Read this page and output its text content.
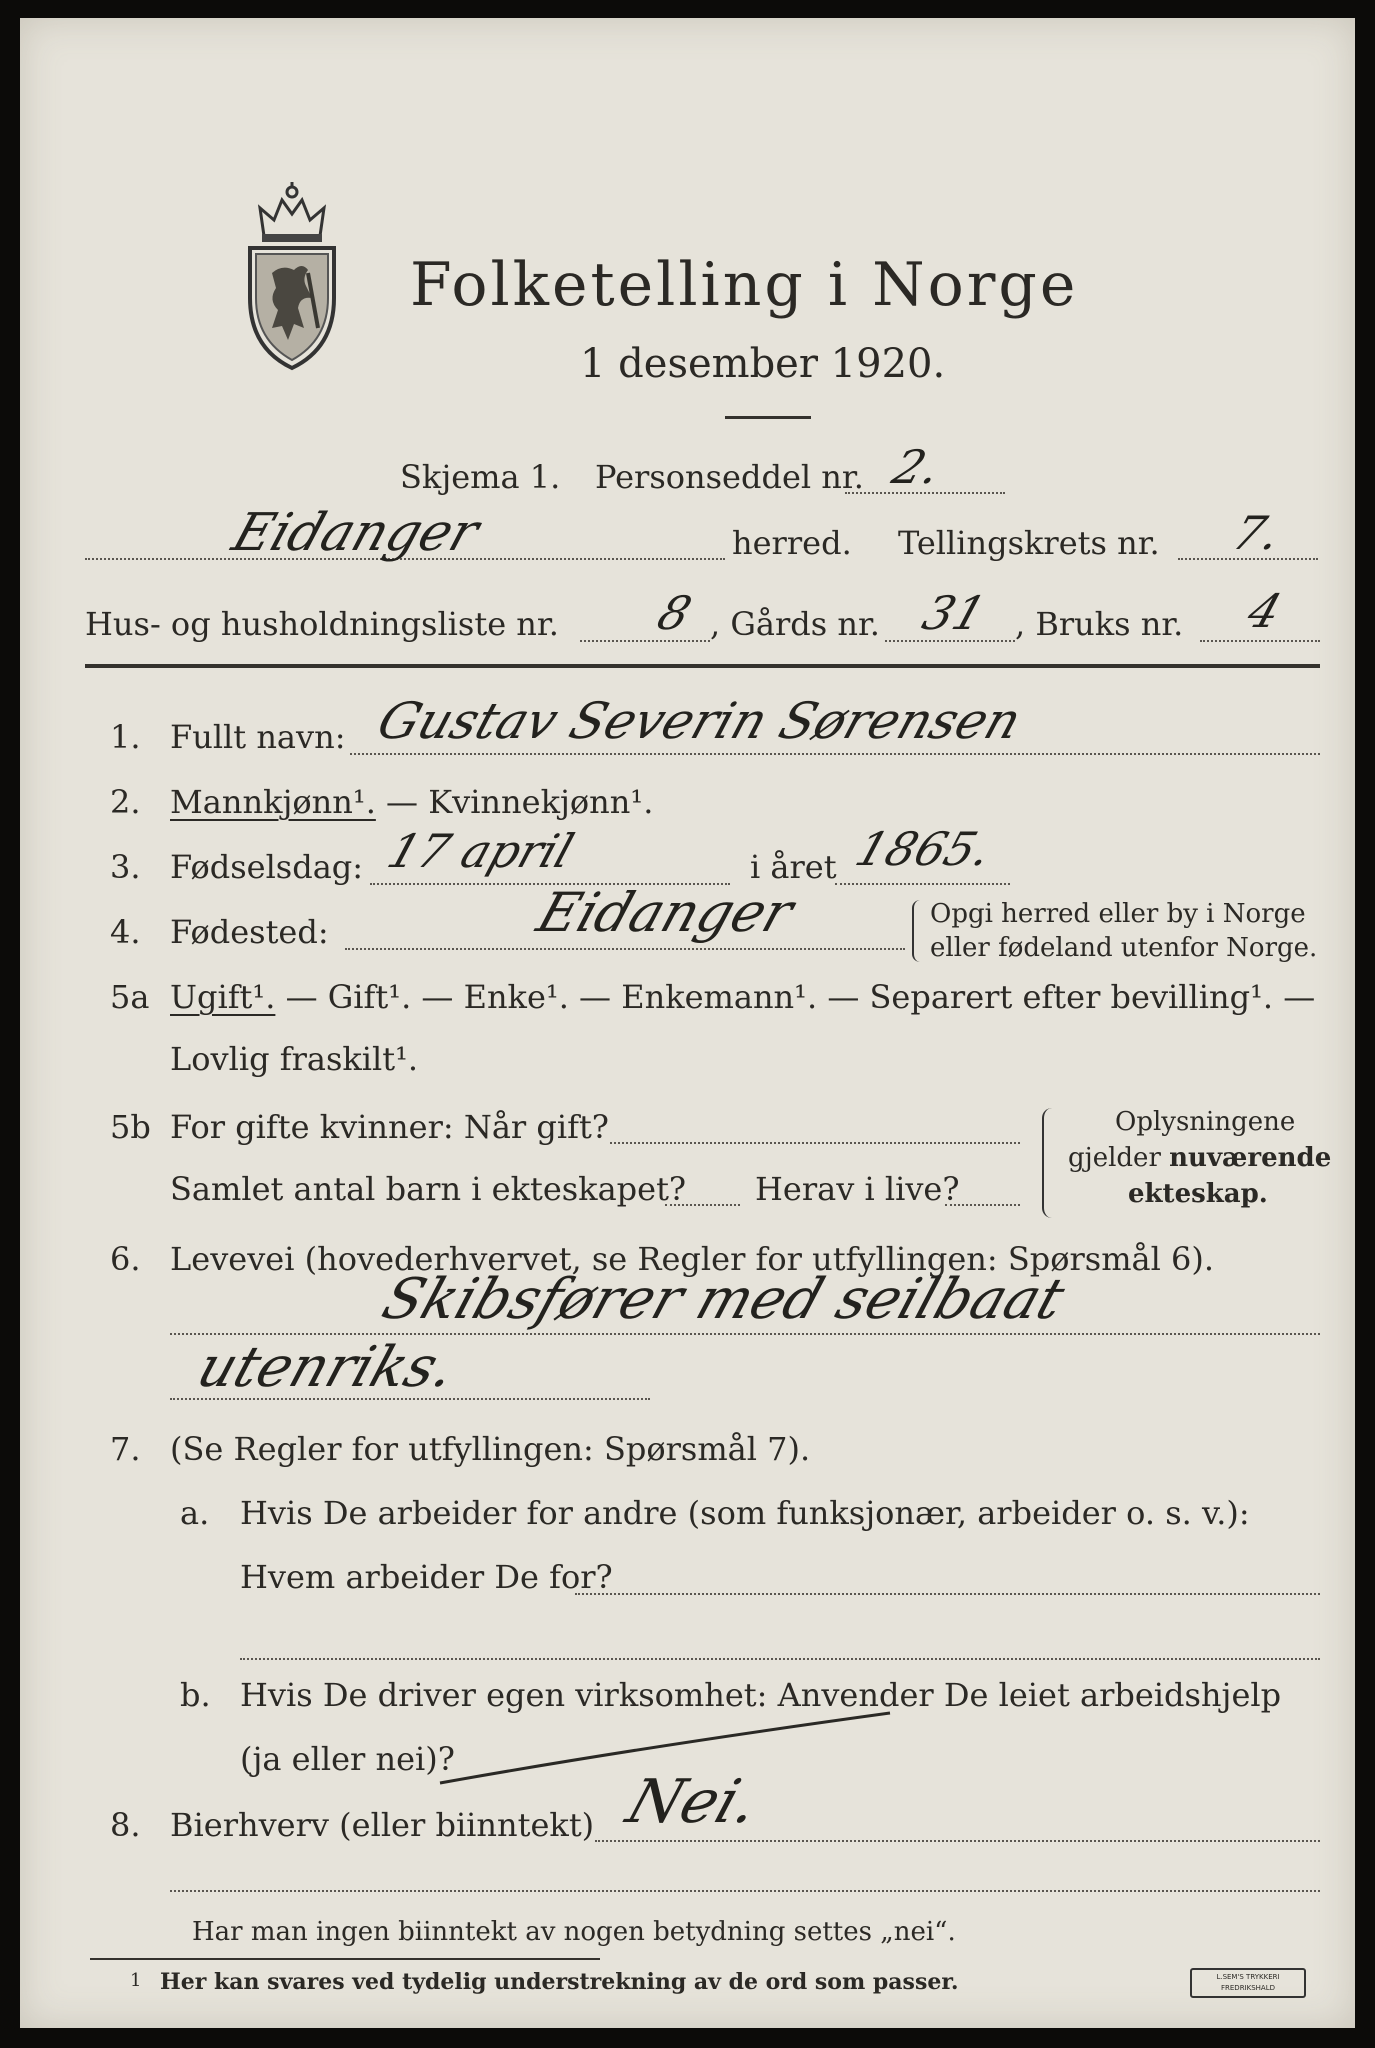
Folketelling i Norge
1 desember 1920.
Skjema 1. Personseddel nr. 2.
Eidanger	herred. Tellingskrets nr. 7.
Hus- og husholdningsliste nr. 8 , Gårds nr. 31 , Bruks nr. 4
1. Fullt navn: Gustav Severin Sørensen
2. Mannkjønn¹. — Kvinnekjønn¹.
3. Fødselsdag: 17 april	i året 1865.
4. Fødested:	Eidanger	Opgi herred eller by i Norge
eller fødeland utenfor Norge.
5a Ugift¹. — Gift¹. — Enke¹. — Enkemann¹. — Separert efter bevilling¹. —
Lovlig fraskilt¹.
5b For gifte kvinner: Når gift?
Samlet antal barn i ekteskapet? Herav i live?
Oplysningene
gjelder nuværende
ekteskap.
6. Levevei (hovederhvervet, se Regler for utfyllingen: Spørsmål 6).
Skibsfører med seilbaat
utenriks.
7. (Se Regler for utfyllingen: Spørsmål 7).
a. Hvis De arbeider for andre (som funksjonær, arbeider o. s. v.):
Hvem arbeider De for?
b. Hvis De driver egen virksomhet: Anvender De leiet arbeidshjelp
(ja eller nei)?
8. Bierhverv (eller biinntekt) Nei.
Har man ingen biinntekt av nogen betydning settes „nei“.
1 Her kan svares ved tydelig understrekning av de ord som passer.	L.SEM'S TRYKKERI
FREDRIKSHALD
